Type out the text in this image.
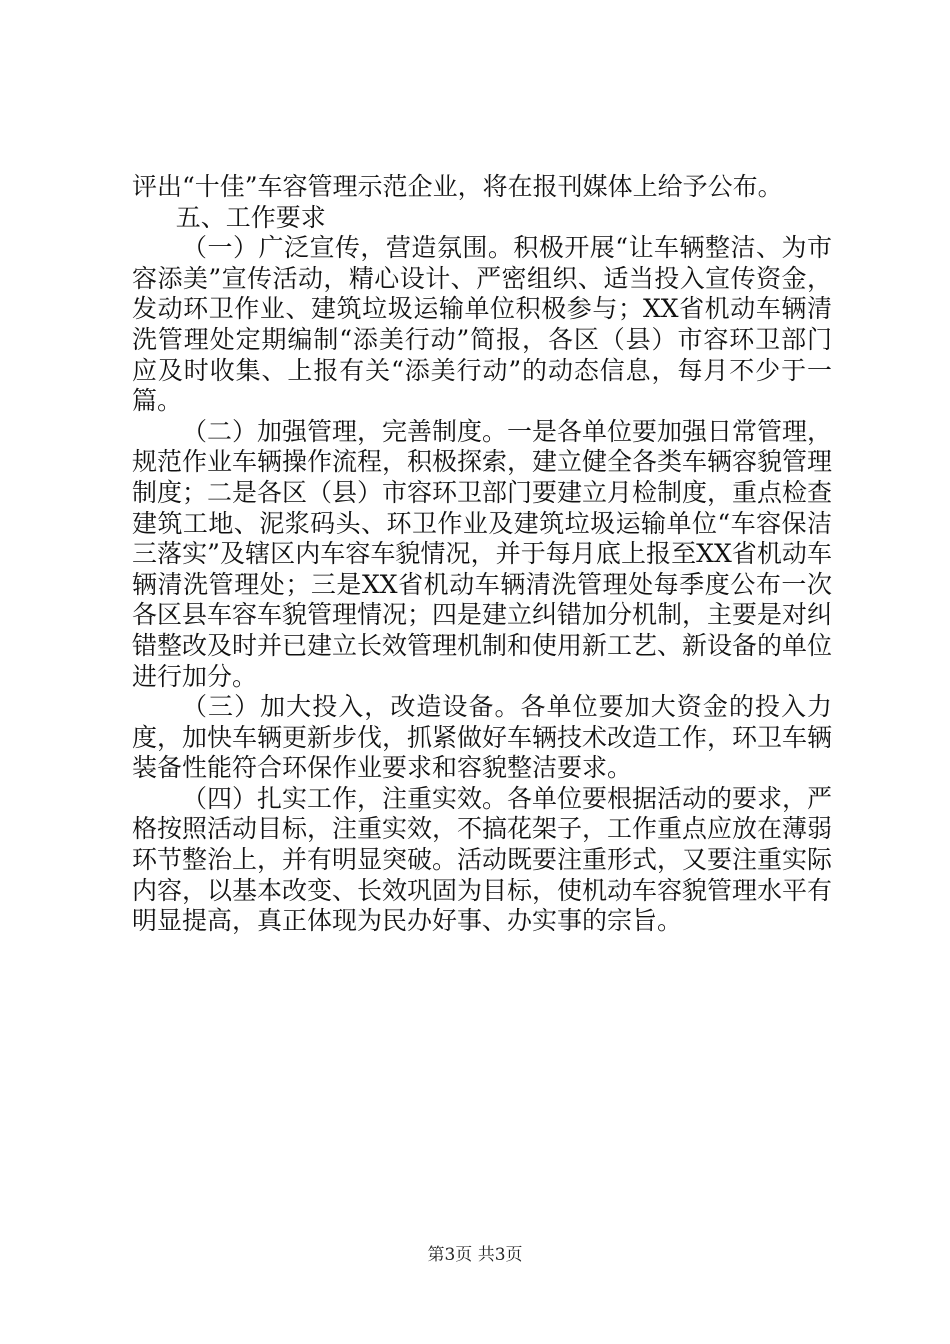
评出“十佳”车容管理示范企业，将在报刊媒体上给予公布。

五、工作要求

（一）广泛宣传，营造氛围。积极开展“让车辆整洁、为市容添美”宣传活动，精心设计、严密组织、适当投入宣传资金，发动环卫作业、建筑垃圾运输单位积极参与；XX省机动车辆清洗管理处定期编制“添美行动”简报，各区（县）市容环卫部门应及时收集、上报有关“添美行动”的动态信息，每月不少于一篇。

（二）加强管理，完善制度。一是各单位要加强日常管理，规范作业车辆操作流程，积极探索，建立健全各类车辆容貌管理制度；二是各区（县）市容环卫部门要建立月检制度，重点检查建筑工地、泥浆码头、环卫作业及建筑垃圾运输单位“车容保洁三落实”及辖区内车容车貌情况，并于每月底上报至XX省机动车辆清洗管理处；三是XX省机动车辆清洗管理处每季度公布一次各区县车容车貌管理情况；四是建立纠错加分机制，主要是对纠错整改及时并已建立长效管理机制和使用新工艺、新设备的单位进行加分。

（三）加大投入，改造设备。各单位要加大资金的投入力度，加快车辆更新步伐，抓紧做好车辆技术改造工作，环卫车辆装备性能符合环保作业要求和容貌整洁要求。

（四）扎实工作，注重实效。各单位要根据活动的要求，严格按照活动目标，注重实效，不搞花架子，工作重点应放在薄弱环节整治上，并有明显突破。活动既要注重形式，又要注重实际内容，以基本改变、长效巩固为目标，使机动车容貌管理水平有明显提高，真正体现为民办好事、办实事的宗旨。

第3页 共3页
